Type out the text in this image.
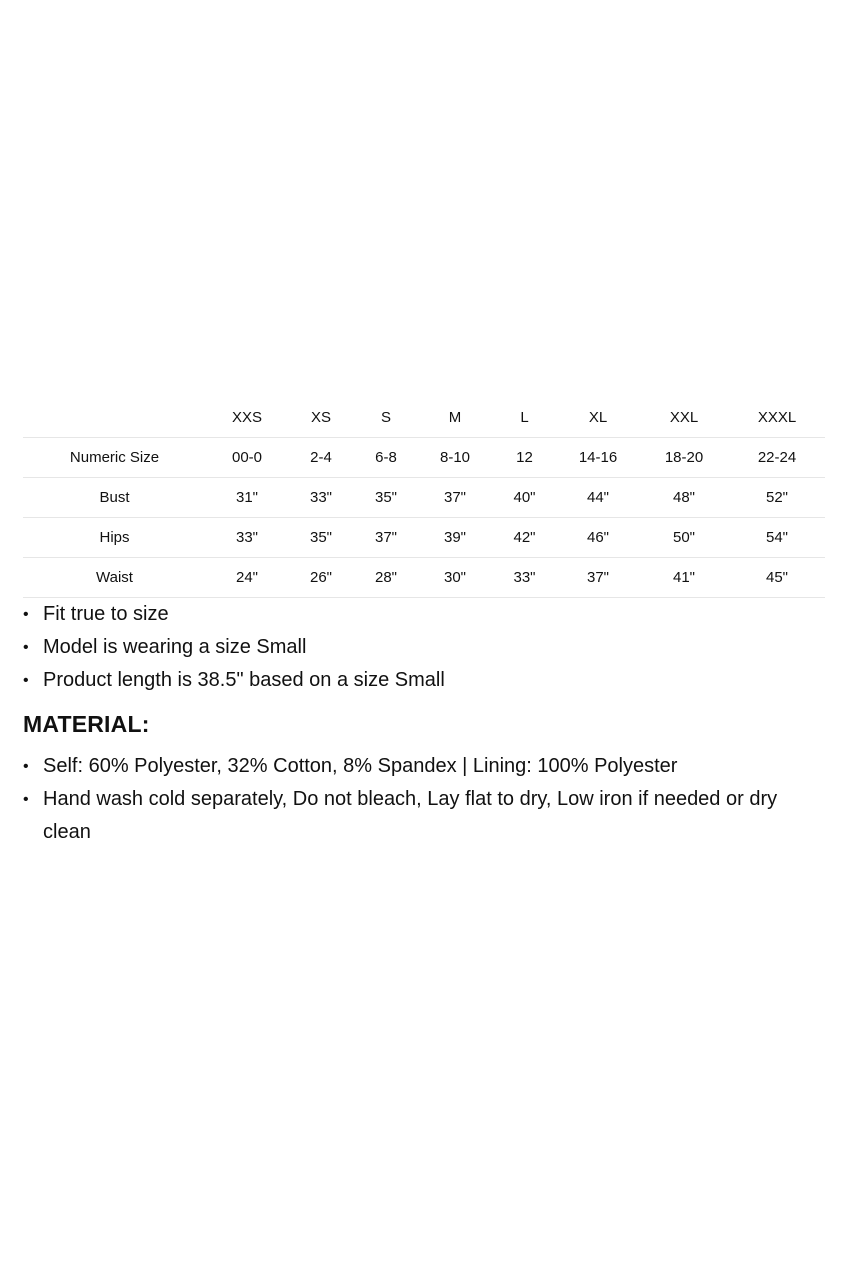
	XXS	XS	S	M	L	XL	XXL	XXXL
Numeric Size	00-0	2-4	6-8	8-10	12	14-16	18-20	22-24
Bust	31"	33"	35"	37"	40"	44"	48"	52"
Hips	33"	35"	37"	39"	42"	46"	50"	54"
Waist	24"	26"	28"	30"	33"	37"	41"	45"
• Fit true to size
• Model is wearing a size Small
• Product length is 38.5" based on a size Small
MATERIAL:
• Self: 60% Polyester, 32% Cotton, 8% Spandex | Lining: 100% Polyester
• Hand wash cold separately, Do not bleach, Lay flat to dry, Low iron if needed or dry clean
